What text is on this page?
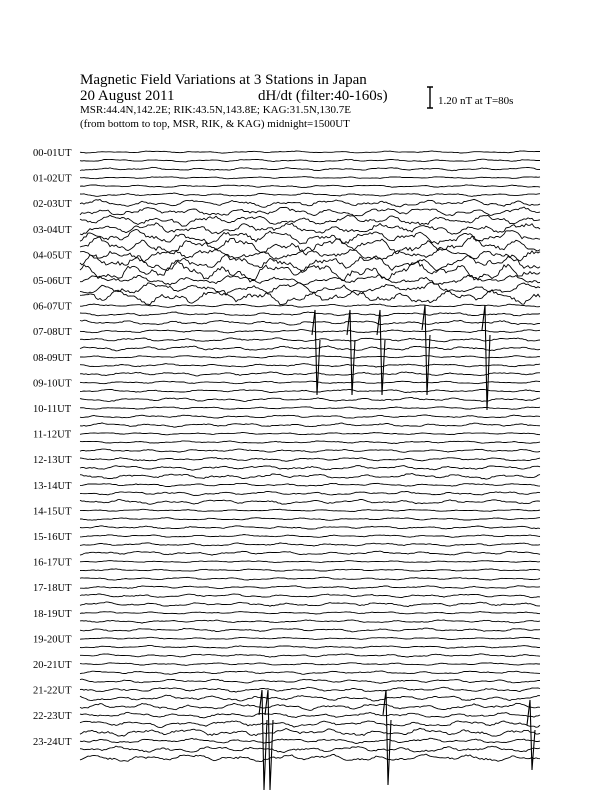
Magnetic Field Variations at 3 Stations in Japan
20 August 2011	dH/dt (filter:40-160s)
MSR:44.4N,142.2E; RIK:43.5N,143.8E; KAG:31.5N,130.7E
(from bottom to top, MSR, RIK, & KAG) midnight=1500UT
1.20 nT at T=80s
00-01UT
01-02UT
02-03UT
03-04UT
04-05UT
05-06UT
06-07UT
07-08UT
08-09UT
09-10UT
10-11UT
11-12UT
12-13UT
13-14UT
14-15UT
15-16UT
16-17UT
17-18UT
18-19UT
19-20UT
20-21UT
21-22UT
22-23UT
23-24UT
